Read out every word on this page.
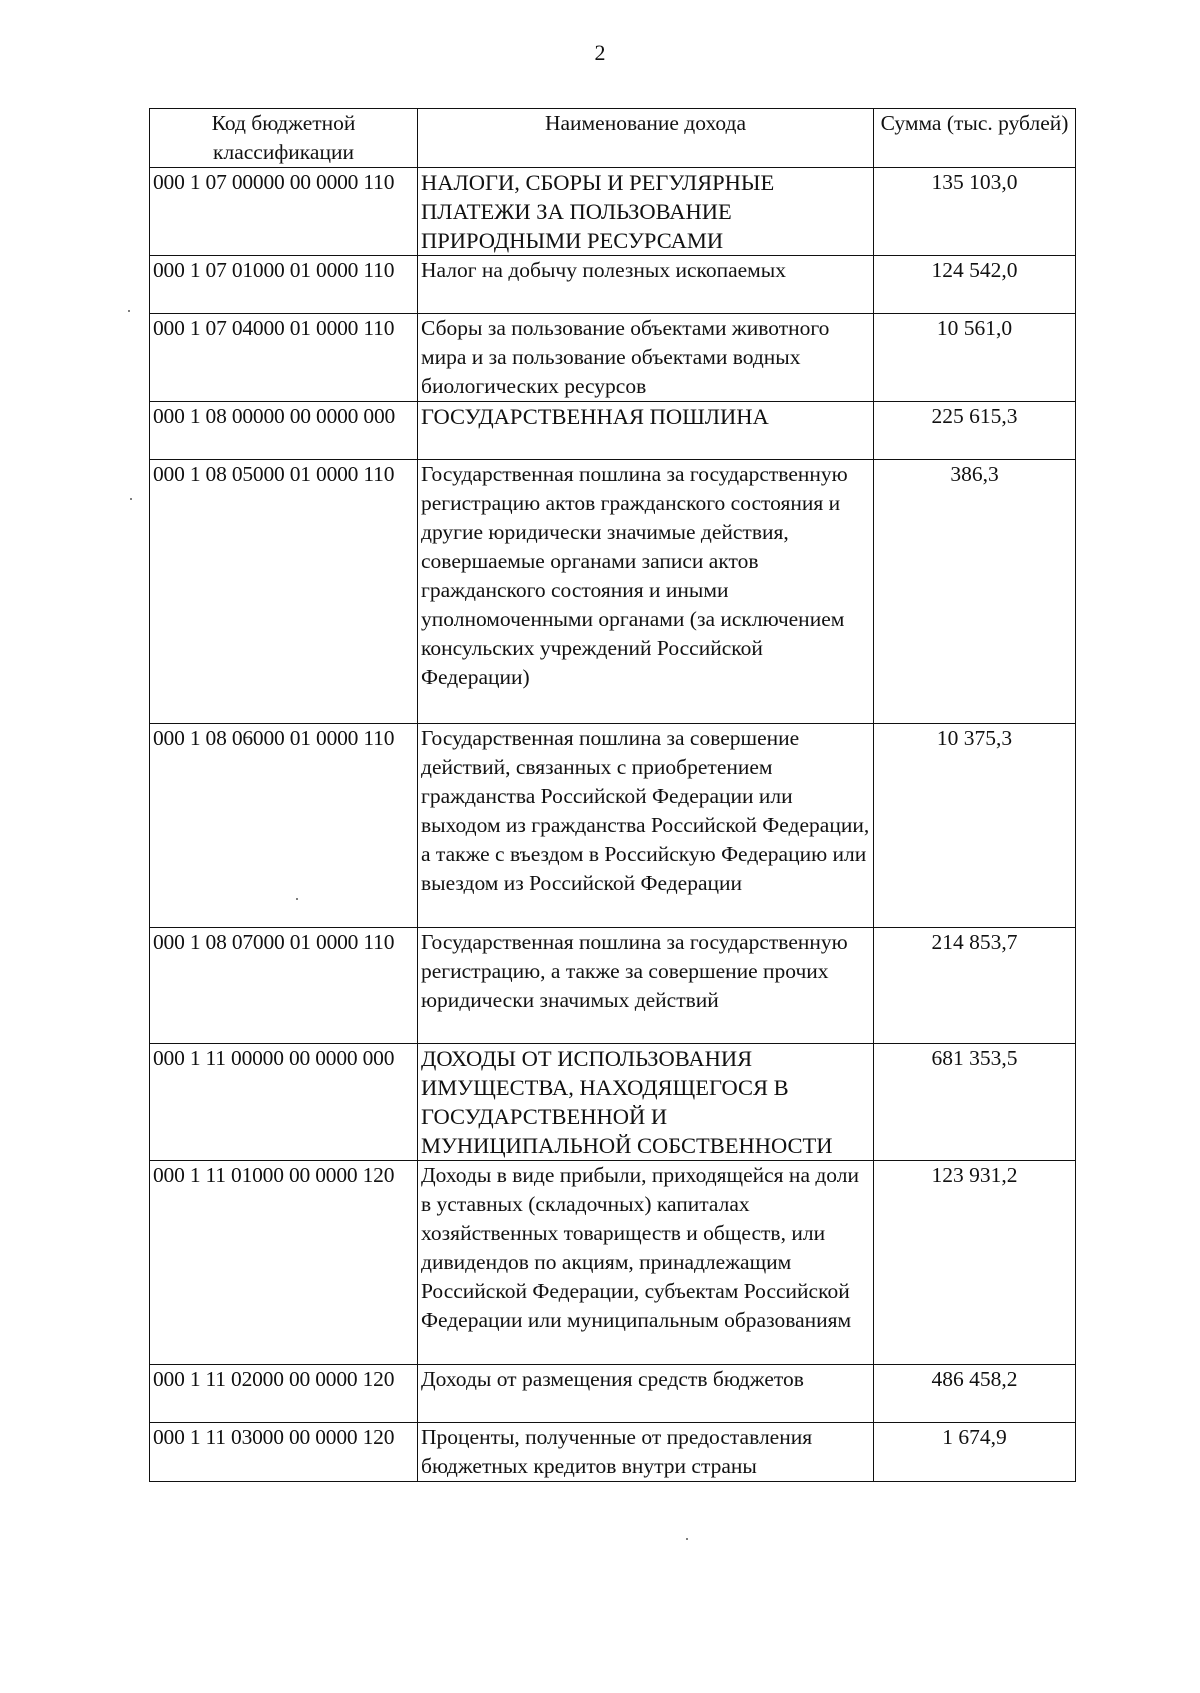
2
Код бюджетной классификации	Наименование дохода	Сумма (тыс. рублей)
000 1 07 00000 00 0000 110	НАЛОГИ, СБОРЫ И РЕГУЛЯРНЫЕ ПЛАТЕЖИ ЗА ПОЛЬЗОВАНИЕ ПРИРОДНЫМИ РЕСУРСАМИ	135 103,0
000 1 07 01000 01 0000 110	Налог на добычу полезных ископаемых	124 542,0
000 1 07 04000 01 0000 110	Сборы за пользование объектами животного мира и за пользование объектами водных биологических ресурсов	10 561,0
000 1 08 00000 00 0000 000	ГОСУДАРСТВЕННАЯ ПОШЛИНА	225 615,3
000 1 08 05000 01 0000 110	Государственная пошлина за государственную регистрацию актов гражданского состояния и другие юридически значимые действия, совершаемые органами записи актов гражданского состояния и иными уполномоченными органами (за исключением консульских учреждений Российской Федерации)	386,3
000 1 08 06000 01 0000 110	Государственная пошлина за совершение действий, связанных с приобретением гражданства Российской Федерации или выходом из гражданства Российской Федерации, а также с въездом в Российскую Федерацию или выездом из Российской Федерации	10 375,3
000 1 08 07000 01 0000 110	Государственная пошлина за государственную регистрацию, а также за совершение прочих юридически значимых действий	214 853,7
000 1 11 00000 00 0000 000	ДОХОДЫ ОТ ИСПОЛЬЗОВАНИЯ ИМУЩЕСТВА, НАХОДЯЩЕГОСЯ В ГОСУДАРСТВЕННОЙ И МУНИЦИПАЛЬНОЙ СОБСТВЕННОСТИ	681 353,5
000 1 11 01000 00 0000 120	Доходы в виде прибыли, приходящейся на доли в уставных (складочных) капиталах хозяйственных товариществ и обществ, или дивидендов по акциям, принадлежащим Российской Федерации, субъектам Российской Федерации или муниципальным образованиям	123 931,2
000 1 11 02000 00 0000 120	Доходы от размещения средств бюджетов	486 458,2
000 1 11 03000 00 0000 120	Проценты, полученные от предоставления бюджетных кредитов внутри страны	1 674,9
